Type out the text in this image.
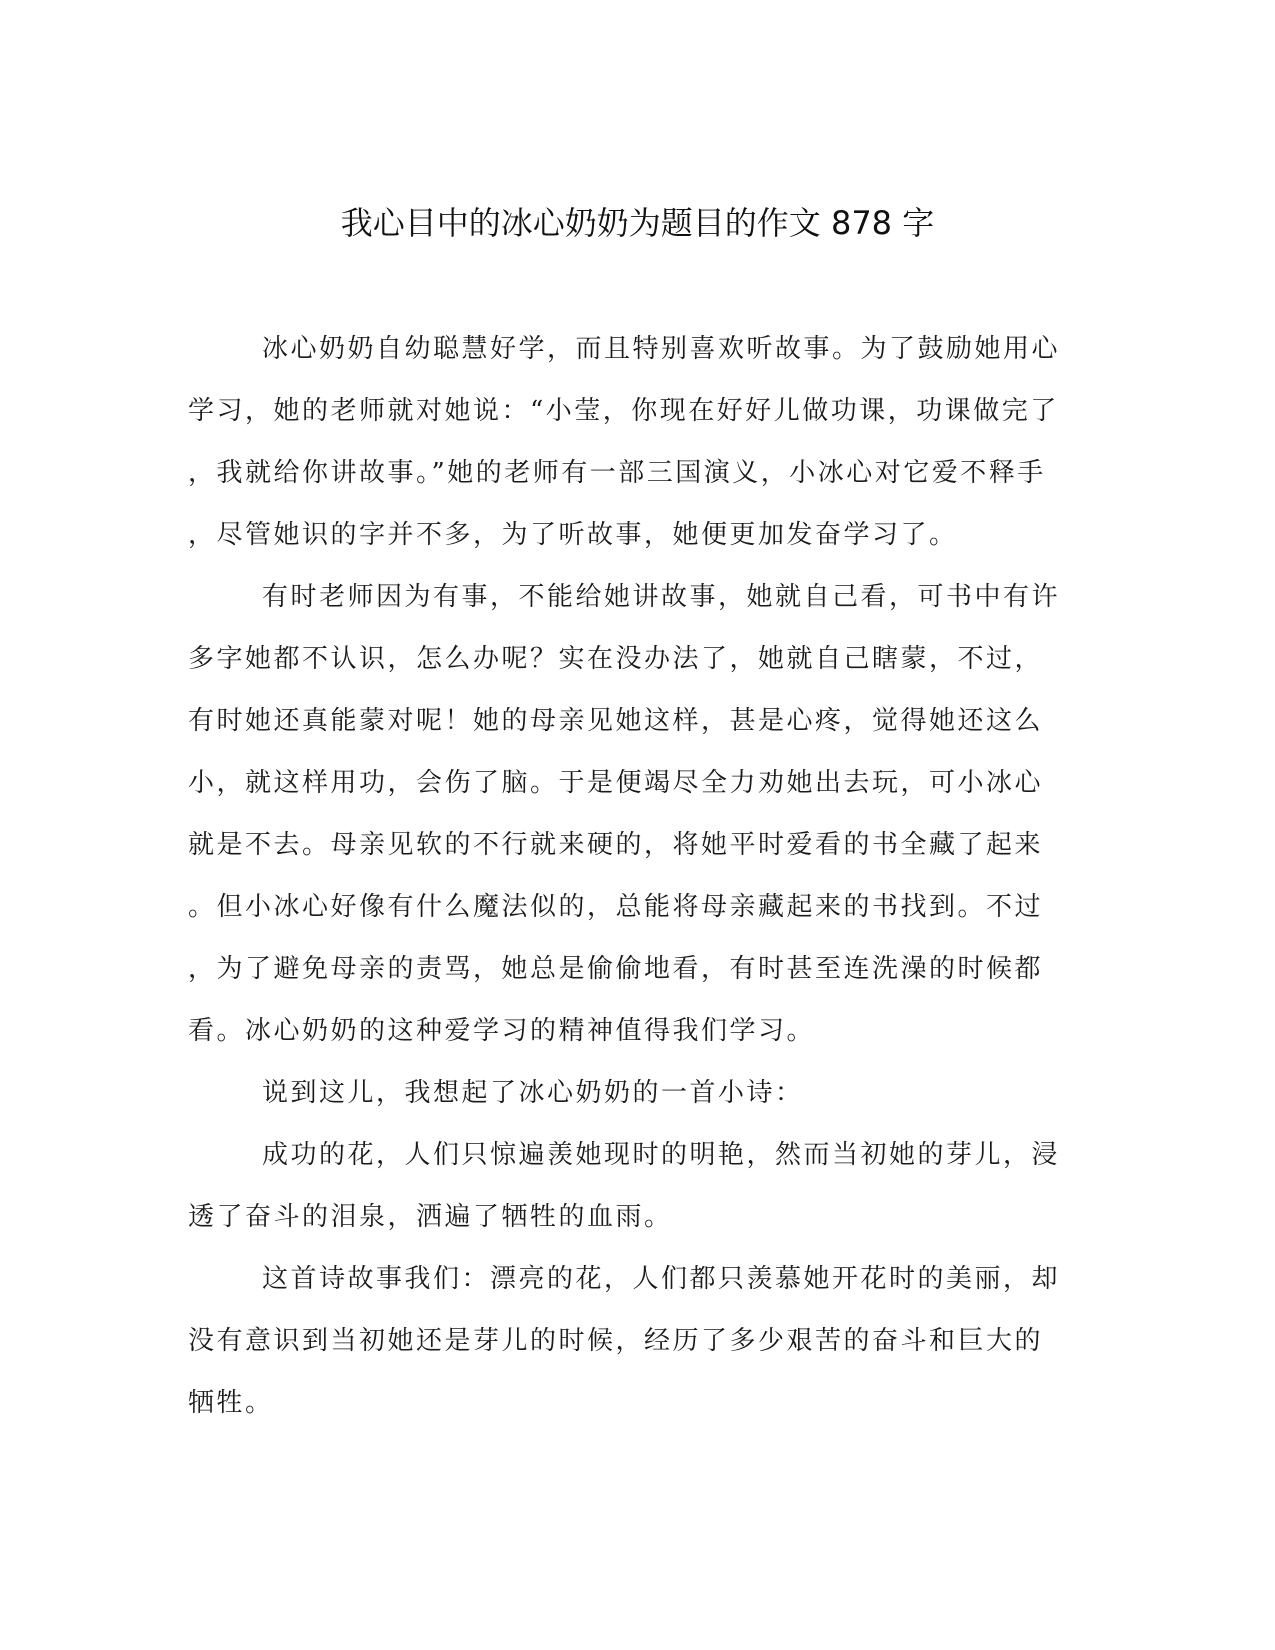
我心目中的冰心奶奶为题目的作文 878 字

冰心奶奶自幼聪慧好学，而且特别喜欢听故事。为了鼓励她用心
学习，她的老师就对她说：“小莹，你现在好好儿做功课，功课做完了
，我就给你讲故事。”她的老师有一部三国演义，小冰心对它爱不释手
，尽管她识的字并不多，为了听故事，她便更加发奋学习了。

有时老师因为有事，不能给她讲故事，她就自己看，可书中有许
多字她都不认识，怎么办呢？实在没办法了，她就自己瞎蒙，不过，
有时她还真能蒙对呢！她的母亲见她这样，甚是心疼，觉得她还这么
小，就这样用功，会伤了脑。于是便竭尽全力劝她出去玩，可小冰心
就是不去。母亲见软的不行就来硬的，将她平时爱看的书全藏了起来
。但小冰心好像有什么魔法似的，总能将母亲藏起来的书找到。不过
，为了避免母亲的责骂，她总是偷偷地看，有时甚至连洗澡的时候都
看。冰心奶奶的这种爱学习的精神值得我们学习。

说到这儿，我想起了冰心奶奶的一首小诗：

成功的花，人们只惊遍羡她现时的明艳，然而当初她的芽儿，浸
透了奋斗的泪泉，洒遍了牺牲的血雨。

这首诗故事我们：漂亮的花，人们都只羡慕她开花时的美丽，却
没有意识到当初她还是芽儿的时候，经历了多少艰苦的奋斗和巨大的
牺牲。
